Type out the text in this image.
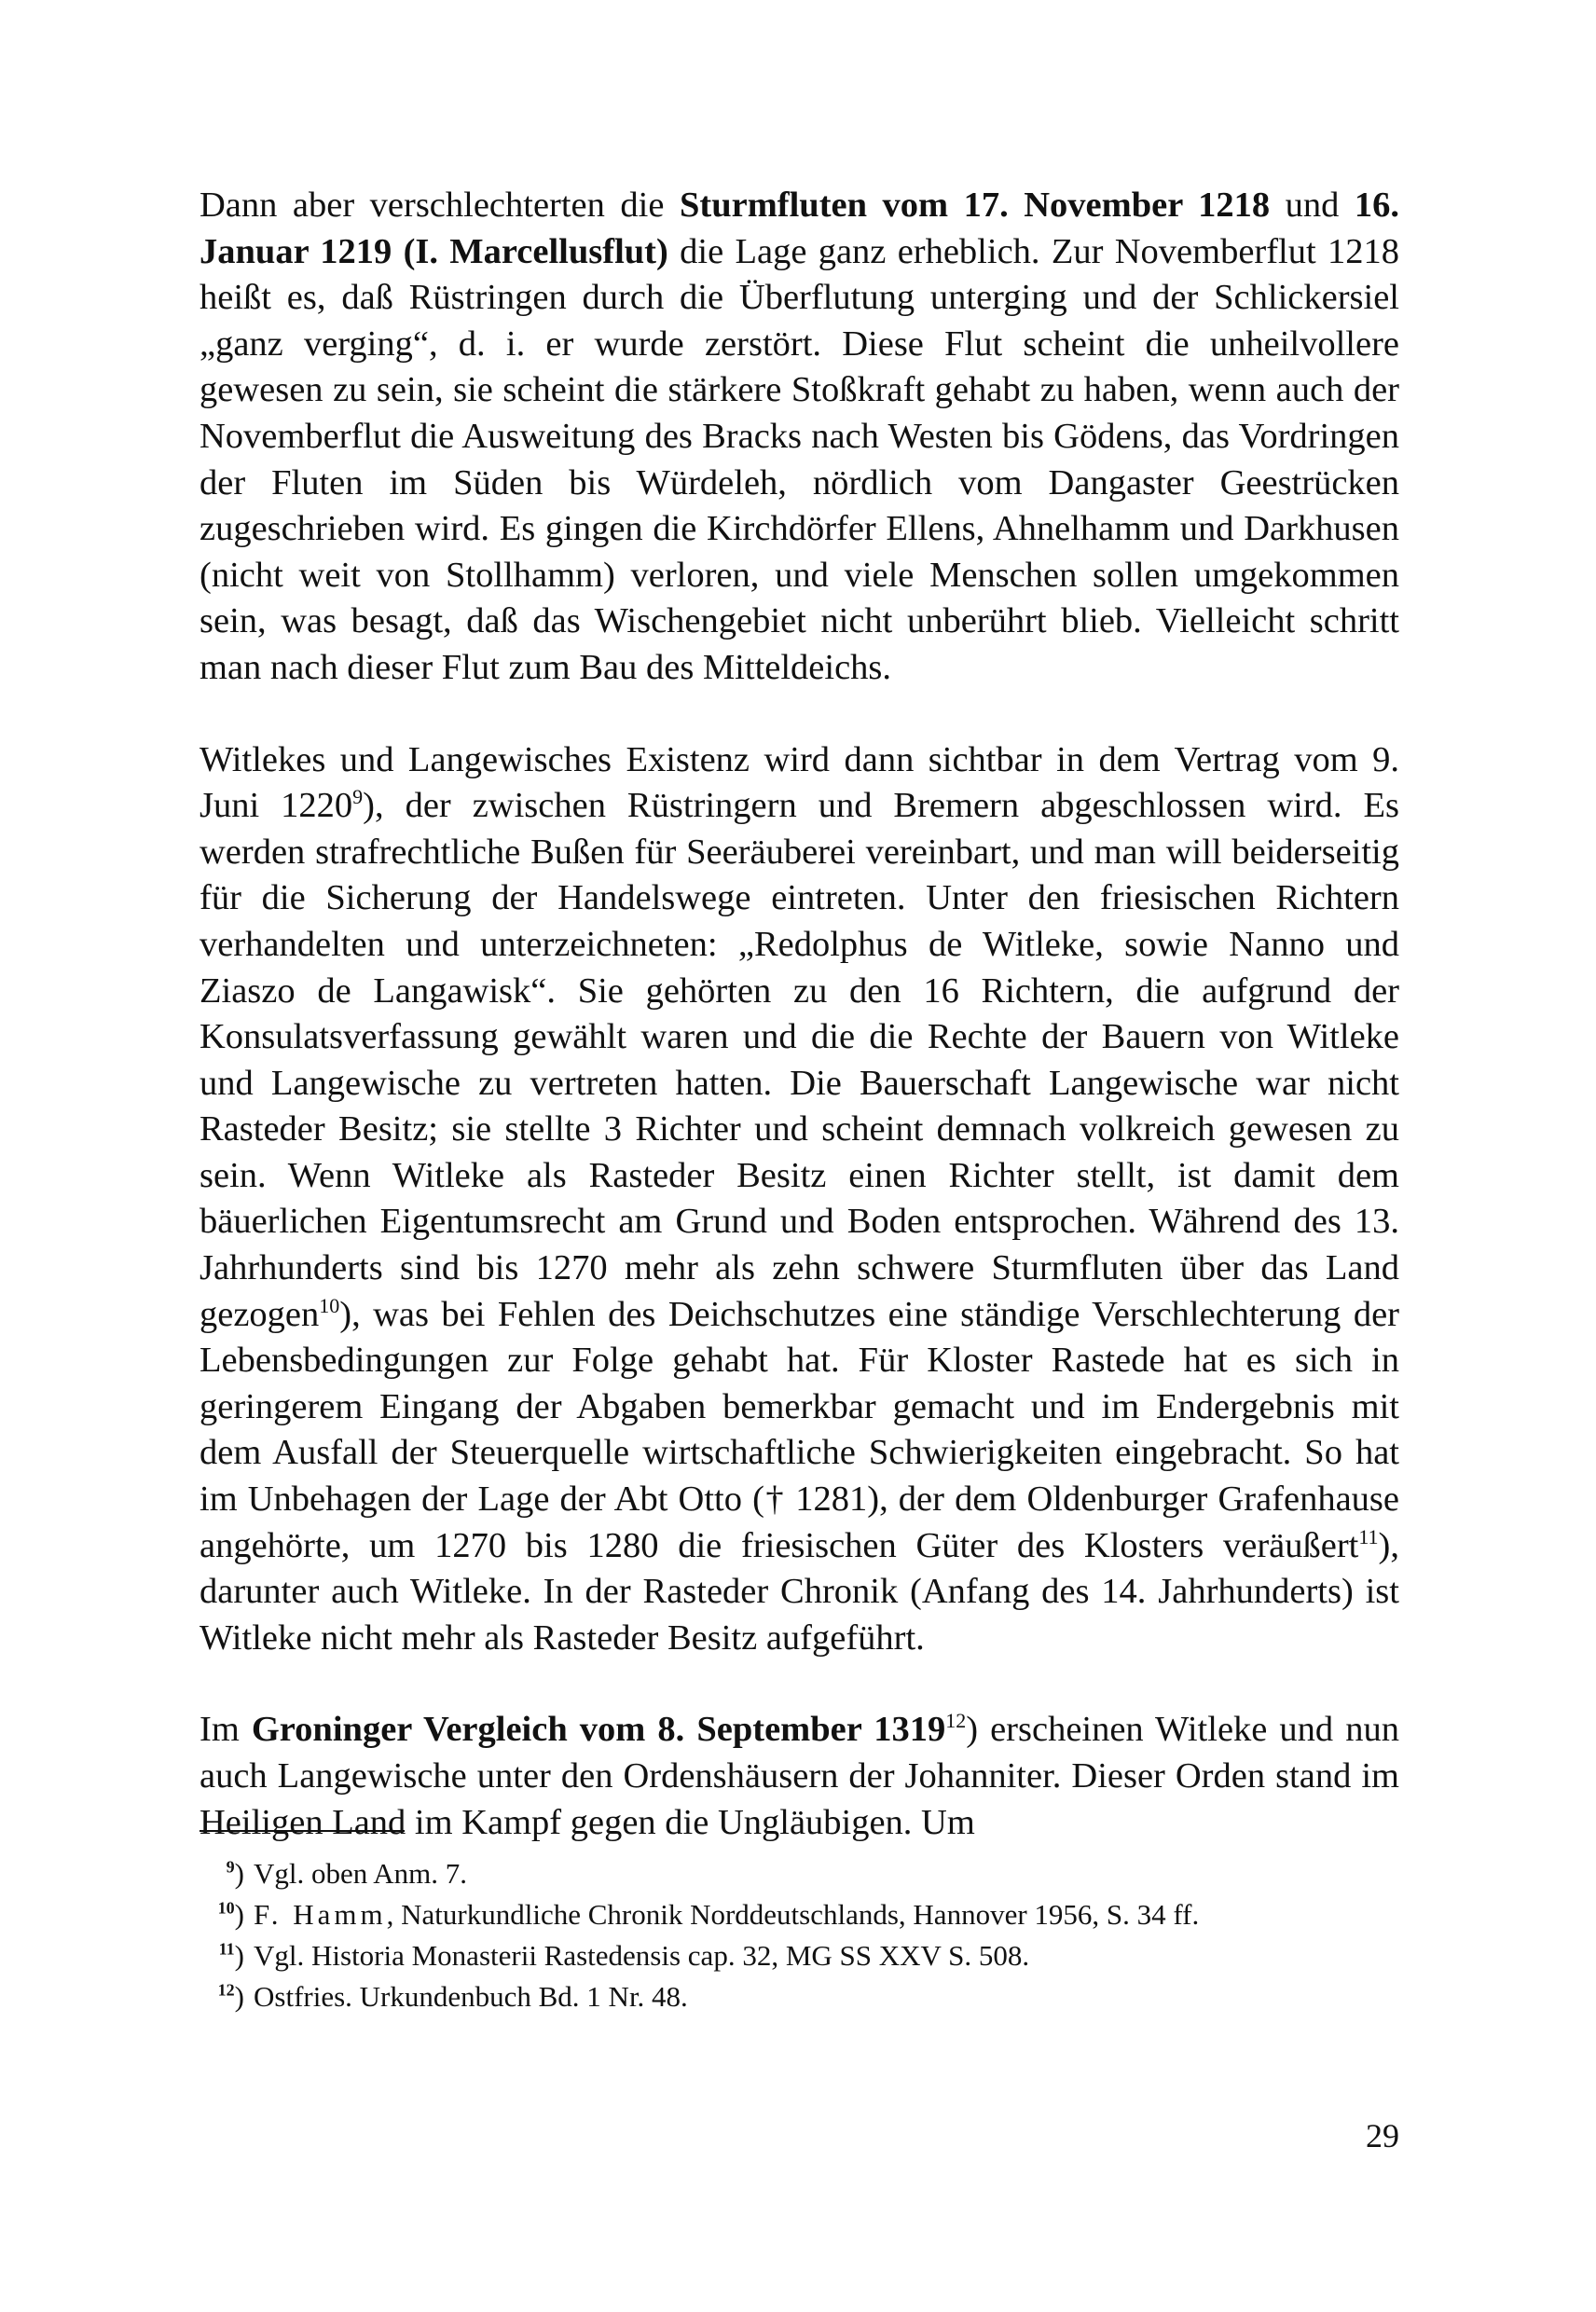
Dann aber verschlechterten die Sturmfluten vom 17. November 1218 und 16. Januar 1219 (I. Marcellusflut) die Lage ganz erheblich. Zur Novemberflut 1218 heißt es, daß Rüstringen durch die Überflutung unterging und der Schlickersiel „ganz verging“, d. i. er wurde zerstört. Diese Flut scheint die unheilvollere gewesen zu sein, sie scheint die stärkere Stoßkraft gehabt zu haben, wenn auch der Novemberflut die Ausweitung des Bracks nach Westen bis Gödens, das Vordringen der Fluten im Süden bis Würdeleh, nördlich vom Dangaster Geestrücken zugeschrieben wird. Es gingen die Kirchdörfer Ellens, Ahnelhamm und Darkhusen (nicht weit von Stollhamm) verloren, und viele Menschen sollen umgekommen sein, was besagt, daß das Wischengebiet nicht unberührt blieb. Vielleicht schritt man nach dieser Flut zum Bau des Mitteldeichs.

Witlekes und Langewisches Existenz wird dann sichtbar in dem Vertrag vom 9. Juni 1220$^9$), der zwischen Rüstringern und Bremern abgeschlossen wird. Es werden strafrechtliche Bußen für Seeräuberei vereinbart, und man will beiderseitig für die Sicherung der Handelswege eintreten. Unter den friesischen Richtern verhandelten und unterzeichneten: „Redolphus de Witleke, sowie Nanno und Ziaszo de Langawisk“. Sie gehörten zu den 16 Richtern, die aufgrund der Konsulatsverfassung gewählt waren und die die Rechte der Bauern von Witleke und Langewische zu vertreten hatten. Die Bauerschaft Langewische war nicht Rasteder Besitz; sie stellte 3 Richter und scheint demnach volkreich gewesen zu sein. Wenn Witleke als Rasteder Besitz einen Richter stellt, ist damit dem bäuerlichen Eigentumsrecht am Grund und Boden entsprochen. Während des 13. Jahrhunderts sind bis 1270 mehr als zehn schwere Sturmfluten über das Land gezogen$^{10}$), was bei Fehlen des Deichschutzes eine ständige Verschlechterung der Lebensbedingungen zur Folge gehabt hat. Für Kloster Rastede hat es sich in geringerem Eingang der Abgaben bemerkbar gemacht und im Endergebnis mit dem Ausfall der Steuerquelle wirtschaftliche Schwierigkeiten eingebracht. So hat im Unbehagen der Lage der Abt Otto († 1281), der dem Oldenburger Grafenhause angehörte, um 1270 bis 1280 die friesischen Güter des Klosters veräußert$^{11}$), darunter auch Witleke. In der Rasteder Chronik (Anfang des 14. Jahrhunderts) ist Witleke nicht mehr als Rasteder Besitz aufgeführt.

Im Groninger Vergleich vom 8. September 1319$^{12}$) erscheinen Witleke und nun auch Langewische unter den Ordenshäusern der Johanniter. Dieser Orden stand im Heiligen Land im Kampf gegen die Ungläubigen. Um

$^9$) Vgl. oben Anm. 7.
$^{10}$) F. Hamm, Naturkundliche Chronik Norddeutschlands, Hannover 1956, S. 34 ff.
$^{11}$) Vgl. Historia Monasterii Rastedensis cap. 32, MG SS XXV S. 508.
$^{12}$) Ostfries. Urkundenbuch Bd. 1 Nr. 48.
29
